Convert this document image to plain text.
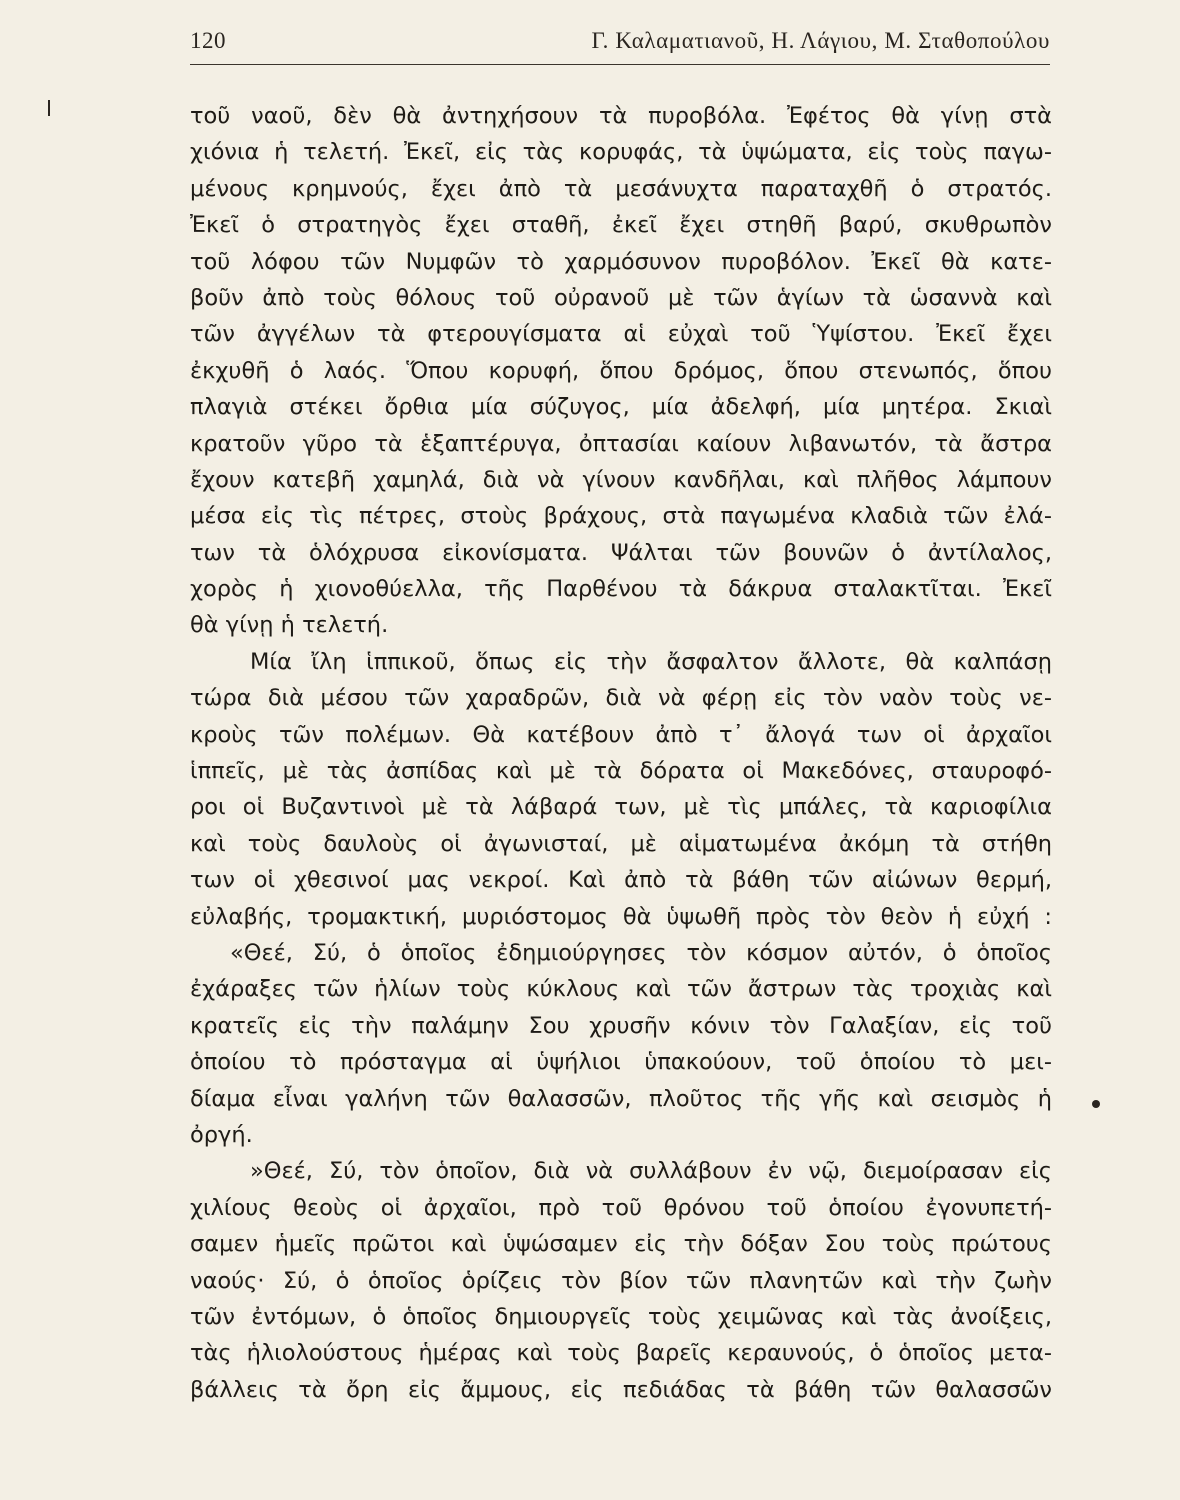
120	Γ. Καλαματιανοῦ, Η. Λάγιου, Μ. Σταθοπούλου
τοῦ ναοῦ, δὲν θὰ ἀντηχήσουν τὰ πυροβόλα. Ἐφέτος θὰ γίνῃ στὰ
χιόνια ἡ τελετή. Ἐκεῖ, εἰς τὰς κορυφάς, τὰ ὑψώματα, εἰς τοὺς παγω-
μένους κρημνούς, ἔχει ἀπὸ τὰ μεσάνυχτα παραταχθῆ ὁ στρατός.
Ἐκεῖ ὁ στρατηγὸς ἔχει σταθῆ, ἐκεῖ ἔχει στηθῆ βαρύ, σκυθρωπὸν
τοῦ λόφου τῶν Νυμφῶν τὸ χαρμόσυνον πυροβόλον. Ἐκεῖ θὰ κατε-
βοῦν ἀπὸ τοὺς θόλους τοῦ οὐρανοῦ μὲ τῶν ἁγίων τὰ ὡσαννὰ καὶ
τῶν ἀγγέλων τὰ φτερουγίσματα αἱ εὐχαὶ τοῦ Ὑψίστου. Ἐκεῖ ἔχει
ἐκχυθῆ ὁ λαός. Ὅπου κορυφή, ὅπου δρόμος, ὅπου στενωπός, ὅπου
πλαγιὰ στέκει ὄρθια μία σύζυγος, μία ἀδελφή, μία μητέρα. Σκιαὶ
κρατοῦν γῦρο τὰ ἑξαπτέρυγα, ὀπτασίαι καίουν λιβανωτόν, τὰ ἄστρα
ἔχουν κατεβῆ χαμηλά, διὰ νὰ γίνουν κανδῆλαι, καὶ πλῆθος λάμπουν
μέσα εἰς τὶς πέτρες, στοὺς βράχους, στὰ παγωμένα κλαδιὰ τῶν ἐλά-
των τὰ ὁλόχρυσα εἰκονίσματα. Ψάλται τῶν βουνῶν ὁ ἀντίλαλος,
χορὸς ἡ χιονοθύελλα, τῆς Παρθένου τὰ δάκρυα σταλακτῖται. Ἐκεῖ
θὰ γίνῃ ἡ τελετή.
Μία ἴλη ἱππικοῦ, ὅπως εἰς τὴν ἄσφαλτον ἄλλοτε, θὰ καλπάσῃ
τώρα διὰ μέσου τῶν χαραδρῶν, διὰ νὰ φέρῃ εἰς τὸν ναὸν τοὺς νε-
κροὺς τῶν πολέμων. Θὰ κατέβουν ἀπὸ τ᾽ ἄλογά των οἱ ἀρχαῖοι
ἱππεῖς, μὲ τὰς ἀσπίδας καὶ μὲ τὰ δόρατα οἱ Μακεδόνες, σταυροφό-
ροι οἱ Βυζαντινοὶ μὲ τὰ λάβαρά των, μὲ τὶς μπάλες, τὰ καριοφίλια
καὶ τοὺς δαυλοὺς οἱ ἀγωνισταί, μὲ αἱματωμένα ἀκόμη τὰ στήθη
των οἱ χθεσινοί μας νεκροί. Καὶ ἀπὸ τὰ βάθη τῶν αἰώνων θερμή,
εὐλαβής, τρομακτική, μυριόστομος θὰ ὑψωθῆ πρὸς τὸν θεὸν ἡ εὐχή :
«Θεέ, Σύ, ὁ ὁποῖος ἐδημιούργησες τὸν κόσμον αὐτόν, ὁ ὁποῖος
ἐχάραξες τῶν ἡλίων τοὺς κύκλους καὶ τῶν ἄστρων τὰς τροχιὰς καὶ
κρατεῖς εἰς τὴν παλάμην Σου χρυσῆν κόνιν τὸν Γαλαξίαν, εἰς τοῦ
ὁποίου τὸ πρόσταγμα αἱ ὑψήλιοι ὑπακούουν, τοῦ ὁποίου τὸ μει-
δίαμα εἶναι γαλήνη τῶν θαλασσῶν, πλοῦτος τῆς γῆς καὶ σεισμὸς ἡ
ὀργή.
»Θεέ, Σύ, τὸν ὁποῖον, διὰ νὰ συλλάβουν ἐν νῷ, διεμοίρασαν εἰς
χιλίους θεοὺς οἱ ἀρχαῖοι, πρὸ τοῦ θρόνου τοῦ ὁποίου ἐγονυπετή-
σαμεν ἡμεῖς πρῶτοι καὶ ὑψώσαμεν εἰς τὴν δόξαν Σου τοὺς πρώτους
ναούς· Σύ, ὁ ὁποῖος ὁρίζεις τὸν βίον τῶν πλανητῶν καὶ τὴν ζωὴν
τῶν ἐντόμων, ὁ ὁποῖος δημιουργεῖς τοὺς χειμῶνας καὶ τὰς ἀνοίξεις,
τὰς ἡλιολούστους ἡμέρας καὶ τοὺς βαρεῖς κεραυνούς, ὁ ὁποῖος μετα-
βάλλεις τὰ ὄρη εἰς ἄμμους, εἰς πεδιάδας τὰ βάθη τῶν θαλασσῶν
